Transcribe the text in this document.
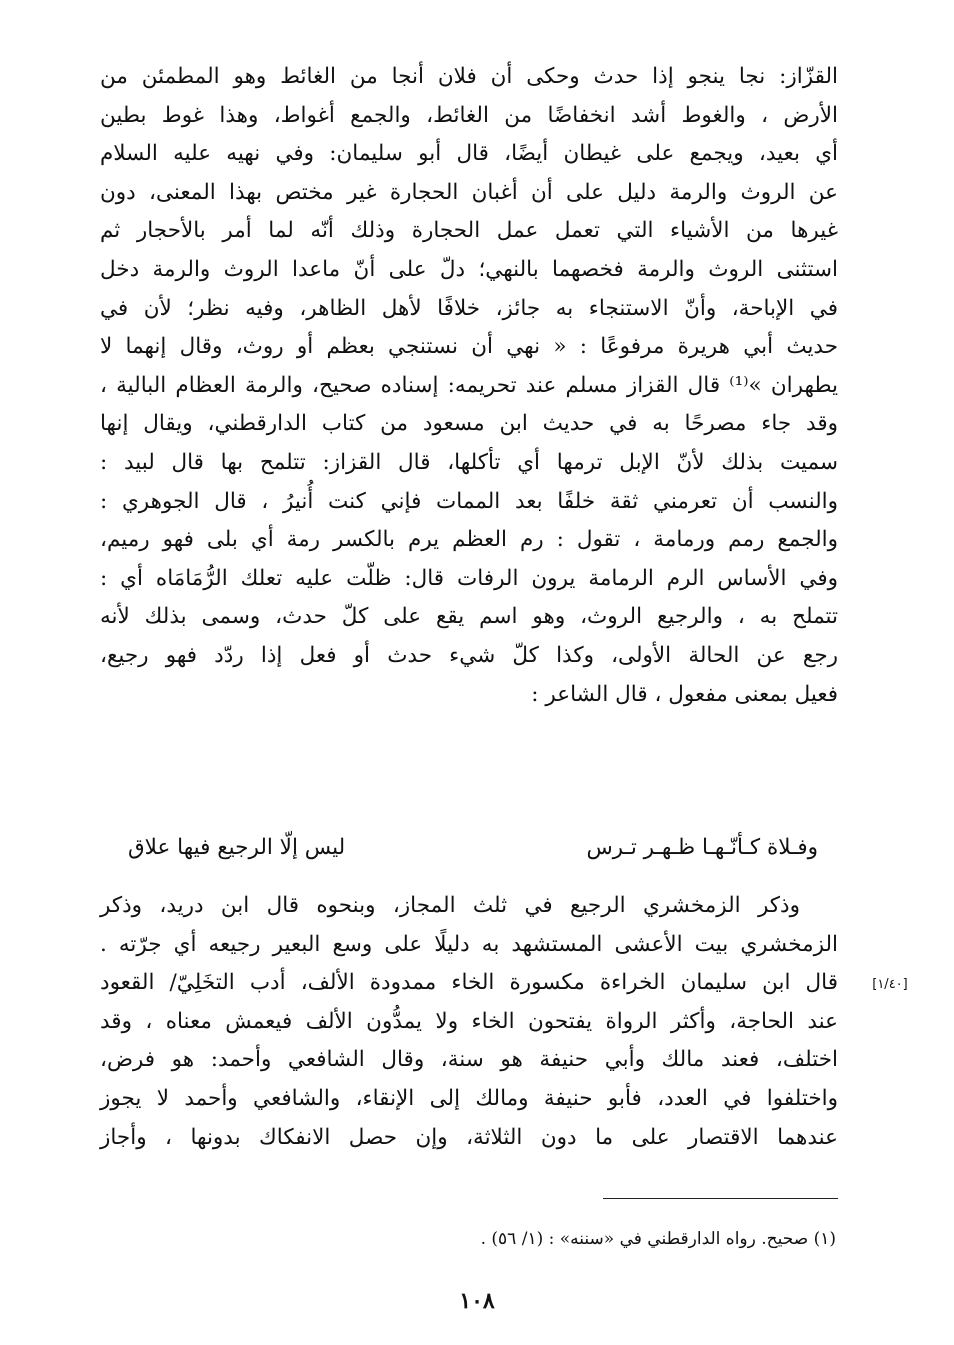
القزّاز: نجا ينجو إذا حدث وحكى أن فلان أنجا من الغائط وهو المطمئن من
الأرض ، والغوط أشد انخفاضًا من الغائط، والجمع أغواط، وهذا غوط بطين
أي بعيد، ويجمع على غيطان أيضًا، قال أبو سليمان: وفي نهيه عليه السلام
عن الروث والرمة دليل على أن أغبان الحجارة غير مختص بهذا المعنى، دون
غيرها من الأشياء التي تعمل عمل الحجارة وذلك أنّه لما أمر بالأحجار ثم
استثنى الروث والرمة فخصهما بالنهي؛ دلّ على أنّ ماعدا الروث والرمة دخل
في الإباحة، وأنّ الاستنجاء به جائز، خلافًا لأهل الظاهر، وفيه نظر؛ لأن في
حديث أبي هريرة مرفوعًا : « نهي أن نستنجي بعظم أو روث، وقال إنهما لا
يطهران »⁽¹⁾ قال القزاز مسلم عند تحريمه: إسناده صحيح، والرمة العظام البالية ،
وقد جاء مصرحًا به في حديث ابن مسعود من كتاب الدارقطني، ويقال إنها
سميت بذلك لأنّ الإبل ترمها أي تأكلها، قال القزاز: تتلمح بها قال لبيد :
والنسب أن تعرمني ثقة خلفًا بعد الممات فإني كنت أُنيرُ ، قال الجوهري :
والجمع رمم ورمامة ، تقول : رم العظم يرم بالكسر رمة أي بلى فهو رميم،
وفي الأساس الرم الرمامة يرون الرفات قال: ظلّت عليه تعلك الرُّمَامَاه أي :
تتملح به ، والرجيع الروث، وهو اسم يقع على كلّ حدث، وسمى بذلك لأنه
رجع عن الحالة الأولى، وكذا كلّ شيء حدث أو فعل إذا ردّد فهو رجيع،
فعيل بمعنى مفعول ، قال الشاعر :
وفـلاة كـأنّـهـا ظـهـر تـرس
ليس إلّا الرجيع فيها علاق
وذكر الزمخشري الرجيع في ثلث المجاز، وبنحوه قال ابن دريد، وذكر
الزمخشري بيت الأعشى المستشهد به دليلًا على وسع البعير رجيعه أي جرّته .
قال ابن سليمان الخراءة مكسورة الخاء ممدودة الألف، أدب التخَلِيّ/ القعود
عند الحاجة، وأكثر الرواة يفتحون الخاء ولا يمدُّون الألف فيعمش معناه ، وقد
اختلف، فعند مالك وأبي حنيفة هو سنة، وقال الشافعي وأحمد: هو فرض،
واختلفوا في العدد، فأبو حنيفة ومالك إلى الإنقاء، والشافعي وأحمد لا يجوز
عندهما الاقتصار على ما دون الثلاثة، وإن حصل الانفكاك بدونها ، وأجاز
[١/٤٠]
(١) صحيح. رواه الدارقطني في «سننه» : (١/ ٥٦) .
١٠٨
